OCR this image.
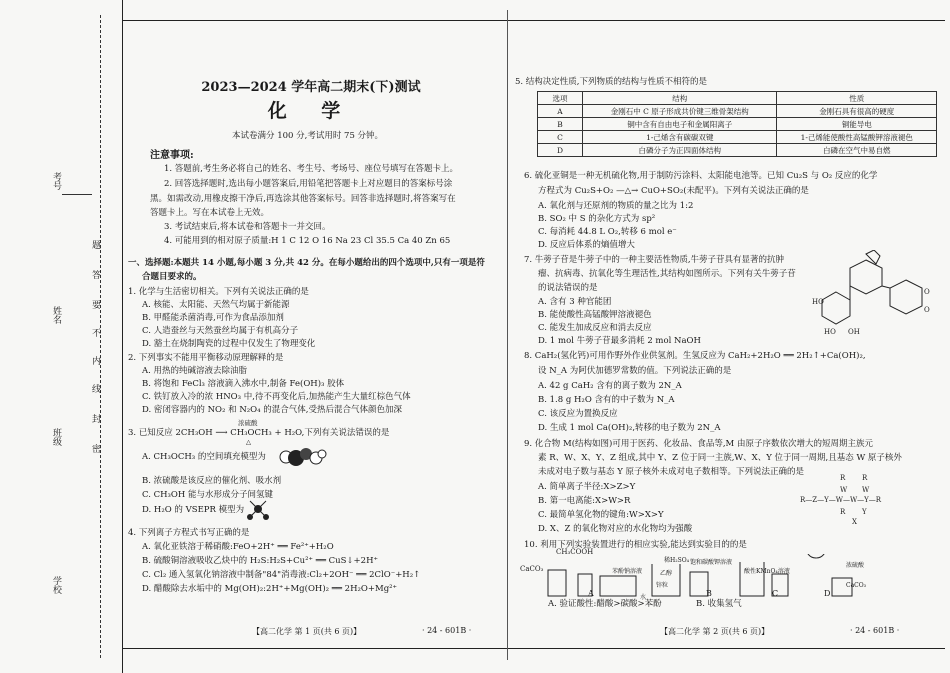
考号
姓名
班级
学校
题
答
要
不
内
线
封
密
2023—2024 学年高二期末(下)测试
化 学
本试卷满分 100 分,考试用时 75 分钟。
注意事项:
1. 答题前,考生务必将自己的姓名、考生号、考场号、座位号填写在答题卡上。
2. 回答选择题时,选出每小题答案后,用铅笔把答题卡上对应题目的答案标号涂
黑。如需改动,用橡皮擦干净后,再选涂其他答案标号。回答非选择题时,将答案写在
答题卡上。写在本试卷上无效。
3. 考试结束后,将本试卷和答题卡一并交回。
4. 可能用到的相对原子质量:H 1 C 12 O 16 Na 23 Cl 35.5 Ca 40 Zn 65
一、选择题:本题共 14 小题,每小题 3 分,共 42 分。在每小题给出的四个选项中,只有一项是符
合题目要求的。
1. 化学与生活密切相关。下列有关说法正确的是
A. 核能、太阳能、天然气均属于新能源
B. 甲醛能杀菌消毒,可作为食品添加剂
C. 人造蚕丝与天然蚕丝均属于有机高分子
D. 豁土在烧制陶瓷的过程中仅发生了物理变化
2. 下列事实不能用平衡移动原理解释的是
A. 用热的纯碱溶液去除油脂
B. 将饱和 FeCl₃ 溶液滴入沸水中,制备 Fe(OH)₃ 胶体
C. 铁钉放入冷的浓 HNO₃ 中,待不再变化后,加热能产生大量红棕色气体
D. 密闭容器内的 NO₂ 和 N₂O₄ 的混合气体,受热后混合气体颜色加深
浓硫酸
3. 已知反应 2CH₃OH ⟶ CH₃OCH₃ + H₂O,下列有关说法错误的是
△
A. CH₃OCH₃ 的空间填充模型为
B. 浓硫酸是该反应的催化剂、吸水剂
C. CH₃OH 能与水形成分子间氢键
D. H₂O 的 VSEPR 模型为
4. 下列离子方程式书写正确的是
A. 氧化亚铁溶于稀硝酸:FeO+2H⁺ ══ Fe²⁺+H₂O
B. 硫酸铜溶液吸收乙炔中的 H₂S:H₂S+Cu²⁺ ══ CuS↓+2H⁺
C. Cl₂ 通入氢氧化钠溶液中制备"84"消毒液:Cl₂+2OH⁻ ══ 2ClO⁻+H₂↑
D. 醋酸除去水垢中的 Mg(OH)₂:2H⁺+Mg(OH)₂ ══ 2H₂O+Mg²⁺
【高二化学 第 1 页(共 6 页)】	· 24 - 601B ·
5. 结构决定性质,下列物质的结构与性质不相符的是
选项	结构	性质
A	金刚石中 C 原子形成共价键三维骨架结构	金刚石具有很高的硬度
B	铜中含有自由电子和金属阳离子	铜能导电
C	1-己烯含有碳碳双键	1-己烯能使酸性高锰酸钾溶液褪色
D	白磷分子为正四面体结构	白磷在空气中易自燃
6. 硫化亚铜是一种无机硫化物,用于制防污涂料、太阳能电池等。已知 Cu₂S 与 O₂ 反应的化学
方程式为 Cu₂S+O₂ —△→ CuO+SO₂(未配平)。下列有关说法正确的是
A. 氧化剂与还原剂的物质的量之比为 1:2
B. SO₂ 中 S 的杂化方式为 sp²
C. 每消耗 44.8 L O₂,转移 6 mol e⁻
D. 反应后体系的熵值增大
7. 牛蒡子苷是牛蒡子中的一种主要活性物质,牛蒡子苷具有显著的抗肿
瘤、抗病毒、抗氧化等生理活性,其结构如图所示。下列有关牛蒡子苷
的说法错误的是
A. 含有 3 种官能团
B. 能使酸性高锰酸钾溶液褪色
C. 能发生加成反应和消去反应
D. 1 mol 牛蒡子苷最多消耗 2 mol NaOH
HO
HO OH
O
O
8. CaH₂(氢化钙)可用作野外作业供氢剂。生氢反应为 CaH₂+2H₂O ══ 2H₂↑+Ca(OH)₂,
设 N_A 为阿伏加德罗常数的值。下列说法正确的是
A. 42 g CaH₂ 含有的离子数为 2N_A
B. 1.8 g H₂O 含有的中子数为 N_A
C. 该反应为置换反应
D. 生成 1 mol Ca(OH)₂,转移的电子数为 2N_A
9. 化合物 M(结构如图)可用于医药、化妆品、食品等,M 由原子序数依次增大的短周期主族元
素 R、W、X、Y、Z 组成,其中 Y、Z 位于同一主族,W、X、Y 位于同一周期,且基态 W 原子核外
未成对电子数与基态 Y 原子核外未成对电子数相等。下列说法正确的是
A. 简单离子半径:X>Z>Y
B. 第一电离能:X>W>R
C. 最简单氢化物的键角:W>X>Y
D. X、Z 的氧化物对应的水化物均为强酸
R R
W W
R—Z—Y—W—W—Y—R
R Y
X
10. 利用下列实验装置进行的相应实验,能达到实验目的的是
CH₃COOH
CaCO₃	苯酚钠溶液
稀H₂SO₄
乙醇
锌粒
饱和碳酸钾溶液
酸性KMnO₄溶液
水
浓硫酸
CaCO₃
A	B	C	D
A. 验证酸性:醋酸>碳酸>苯酚	B. 收集氢气
【高二化学 第 2 页(共 6 页)】	· 24 - 601B ·
